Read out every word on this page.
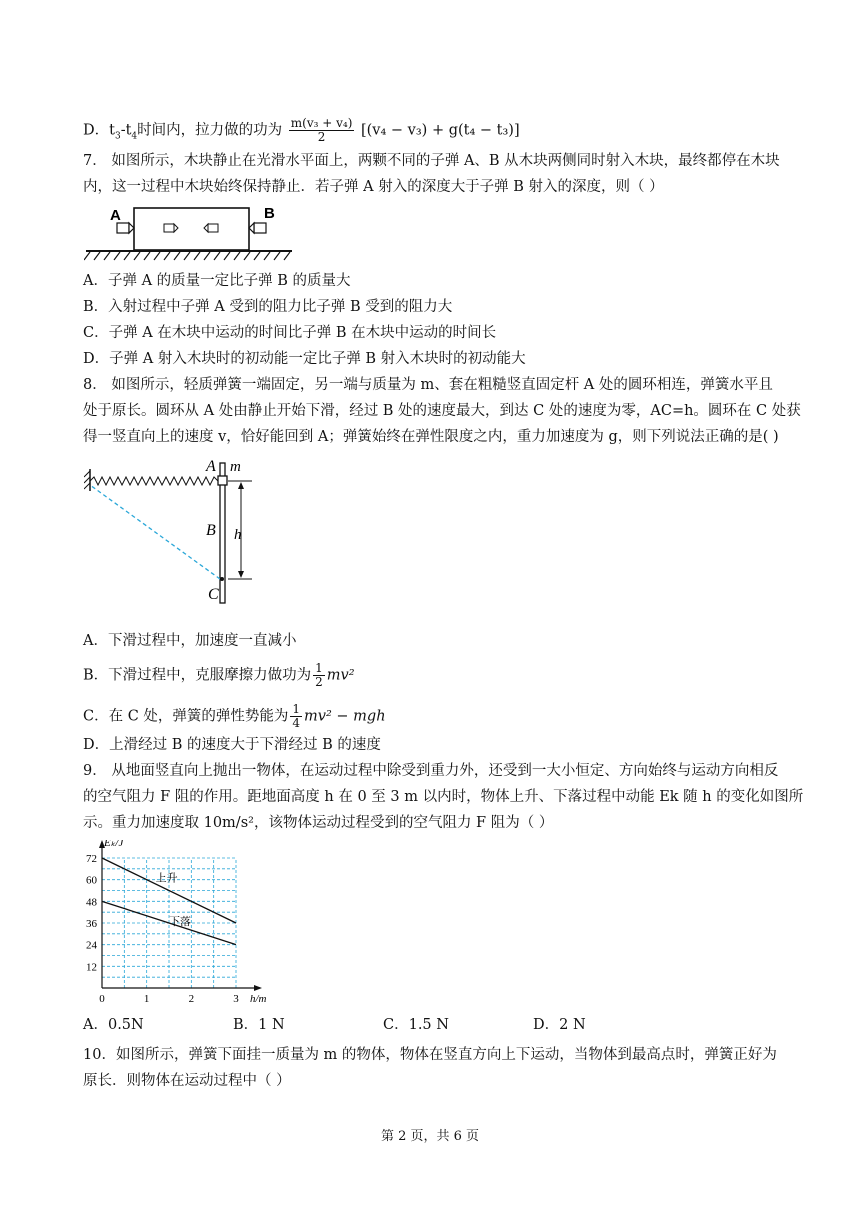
D．$t_3-t_4$时间内，拉力做的功为 $\frac{\text{m(v₃ + v₄)}}{2} [(v_4 - v_3) + g(t_4 - t_3)]$
7． 如图所示，木块静止在光滑水平面上，两颗不同的子弹 A、B 从木块两侧同时射入木块，最终都停在木块
内，这一过程中木块始终保持静止．若子弹 A 射入的深度大于子弹 B 射入的深度，则（ ）
A	B
A．子弹 A 的质量一定比子弹 B 的质量大
B．入射过程中子弹 A 受到的阻力比子弹 B 受到的阻力大
C．子弹 A 在木块中运动的时间比子弹 B 在木块中运动的时间长
D．子弹 A 射入木块时的初动能一定比子弹 B 射入木块时的初动能大
8． 如图所示，轻质弹簧一端固定，另一端与质量为 m、套在粗糙竖直固定杆 A 处的圆环相连，弹簧水平且
处于原长。圆环从 A 处由静止开始下滑，经过 B 处的速度最大，到达 C 处的速度为零，AC=h。圆环在 C 处获
得一竖直向上的速度 v，恰好能回到 A；弹簧始终在弹性限度之内，重力加速度为 g，则下列说法正确的是( )
A m
B h
C
A．下滑过程中，加速度一直减小
B．下滑过程中，克服摩擦力做功为 $\frac{1}{2} mv^2$
C．在 C 处，弹簧的弹性势能为 $\frac{1}{4} mv^2$ − mgh
D．上滑经过 B 的速度大于下滑经过 B 的速度
9． 从地面竖直向上抛出一物体，在运动过程中除受到重力外，还受到一大小恒定、方向始终与运动方向相反
的空气阻力 F 阻的作用。距地面高度 h 在 0 至 3 m 以内时，物体上升、下落过程中动能 Ek 随 h 的变化如图所
示。重力加速度取 10m/s²，该物体运动过程受到的空气阻力 F 阻为（ ）
0	1	2	3
12
24
36
48
60
72
Eₖ/J
h/m
上升
下落
A．0.5N	B．1 N	C．1.5 N	D．2 N
10．如图所示，弹簧下面挂一质量为 m 的物体，物体在竖直方向上下运动，当物体到最高点时，弹簧正好为
原长．则物体在运动过程中（ ）
第 2 页，共 6 页
